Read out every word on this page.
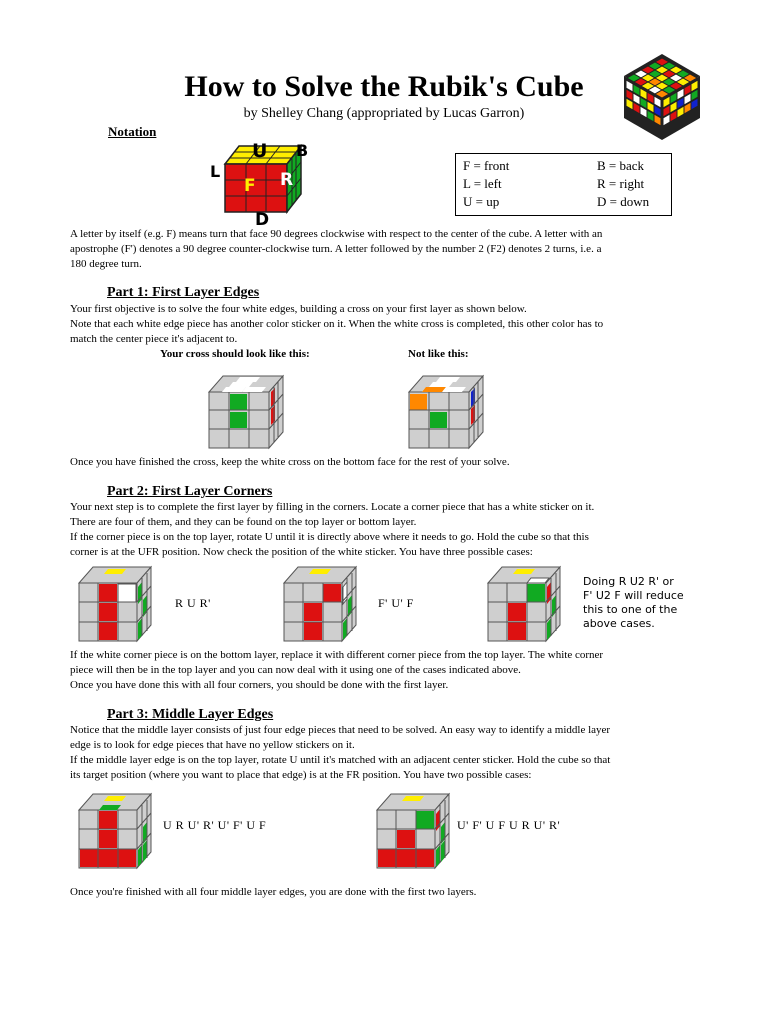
How to Solve the Rubik's Cube
by Shelley Chang (appropriated by Lucas Garron)
Notation
U B
L
F R
D
F = front	B = back
L = left	R = right
U = up	D = down
A letter by itself (e.g. F) means turn that face 90 degrees clockwise with respect to the center of the cube. A letter with an
apostrophe (F') denotes a 90 degree counter-clockwise turn. A letter followed by the number 2 (F2) denotes 2 turns, i.e. a
180 degree turn.
Part 1: First Layer Edges
Your first objective is to solve the four white edges, building a cross on your first layer as shown below.
Note that each white edge piece has another color sticker on it. When the white cross is completed, this other color has to
match the center piece it's adjacent to.
Your cross should look like this:	Not like this:
Once you have finished the cross, keep the white cross on the bottom face for the rest of your solve.
Part 2: First Layer Corners
Your next step is to complete the first layer by filling in the corners. Locate a corner piece that has a white sticker on it.
There are four of them, and they can be found on the top layer or bottom layer.
If the corner piece is on the top layer, rotate U until it is directly above where it needs to go. Hold the cube so that this
corner is at the UFR position. Now check the position of the white sticker. You have three possible cases:
R U R'	F' U' F
Doing R U2 R' or
F' U2 F will reduce
this to one of the
above cases.
If the white corner piece is on the bottom layer, replace it with different corner piece from the top layer. The white corner
piece will then be in the top layer and you can now deal with it using one of the cases indicated above.
Once you have done this with all four corners, you should be done with the first layer.
Part 3: Middle Layer Edges
Notice that the middle layer consists of just four edge pieces that need to be solved. An easy way to identify a middle layer
edge is to look for edge pieces that have no yellow stickers on it.
If the middle layer edge is on the top layer, rotate U until it's matched with an adjacent center sticker. Hold the cube so that
its target position (where you want to place that edge) is at the FR position. You have two possible cases:
U R U' R' U' F' U F	U' F' U F U R U' R'
Once you're finished with all four middle layer edges, you are done with the first two layers.
